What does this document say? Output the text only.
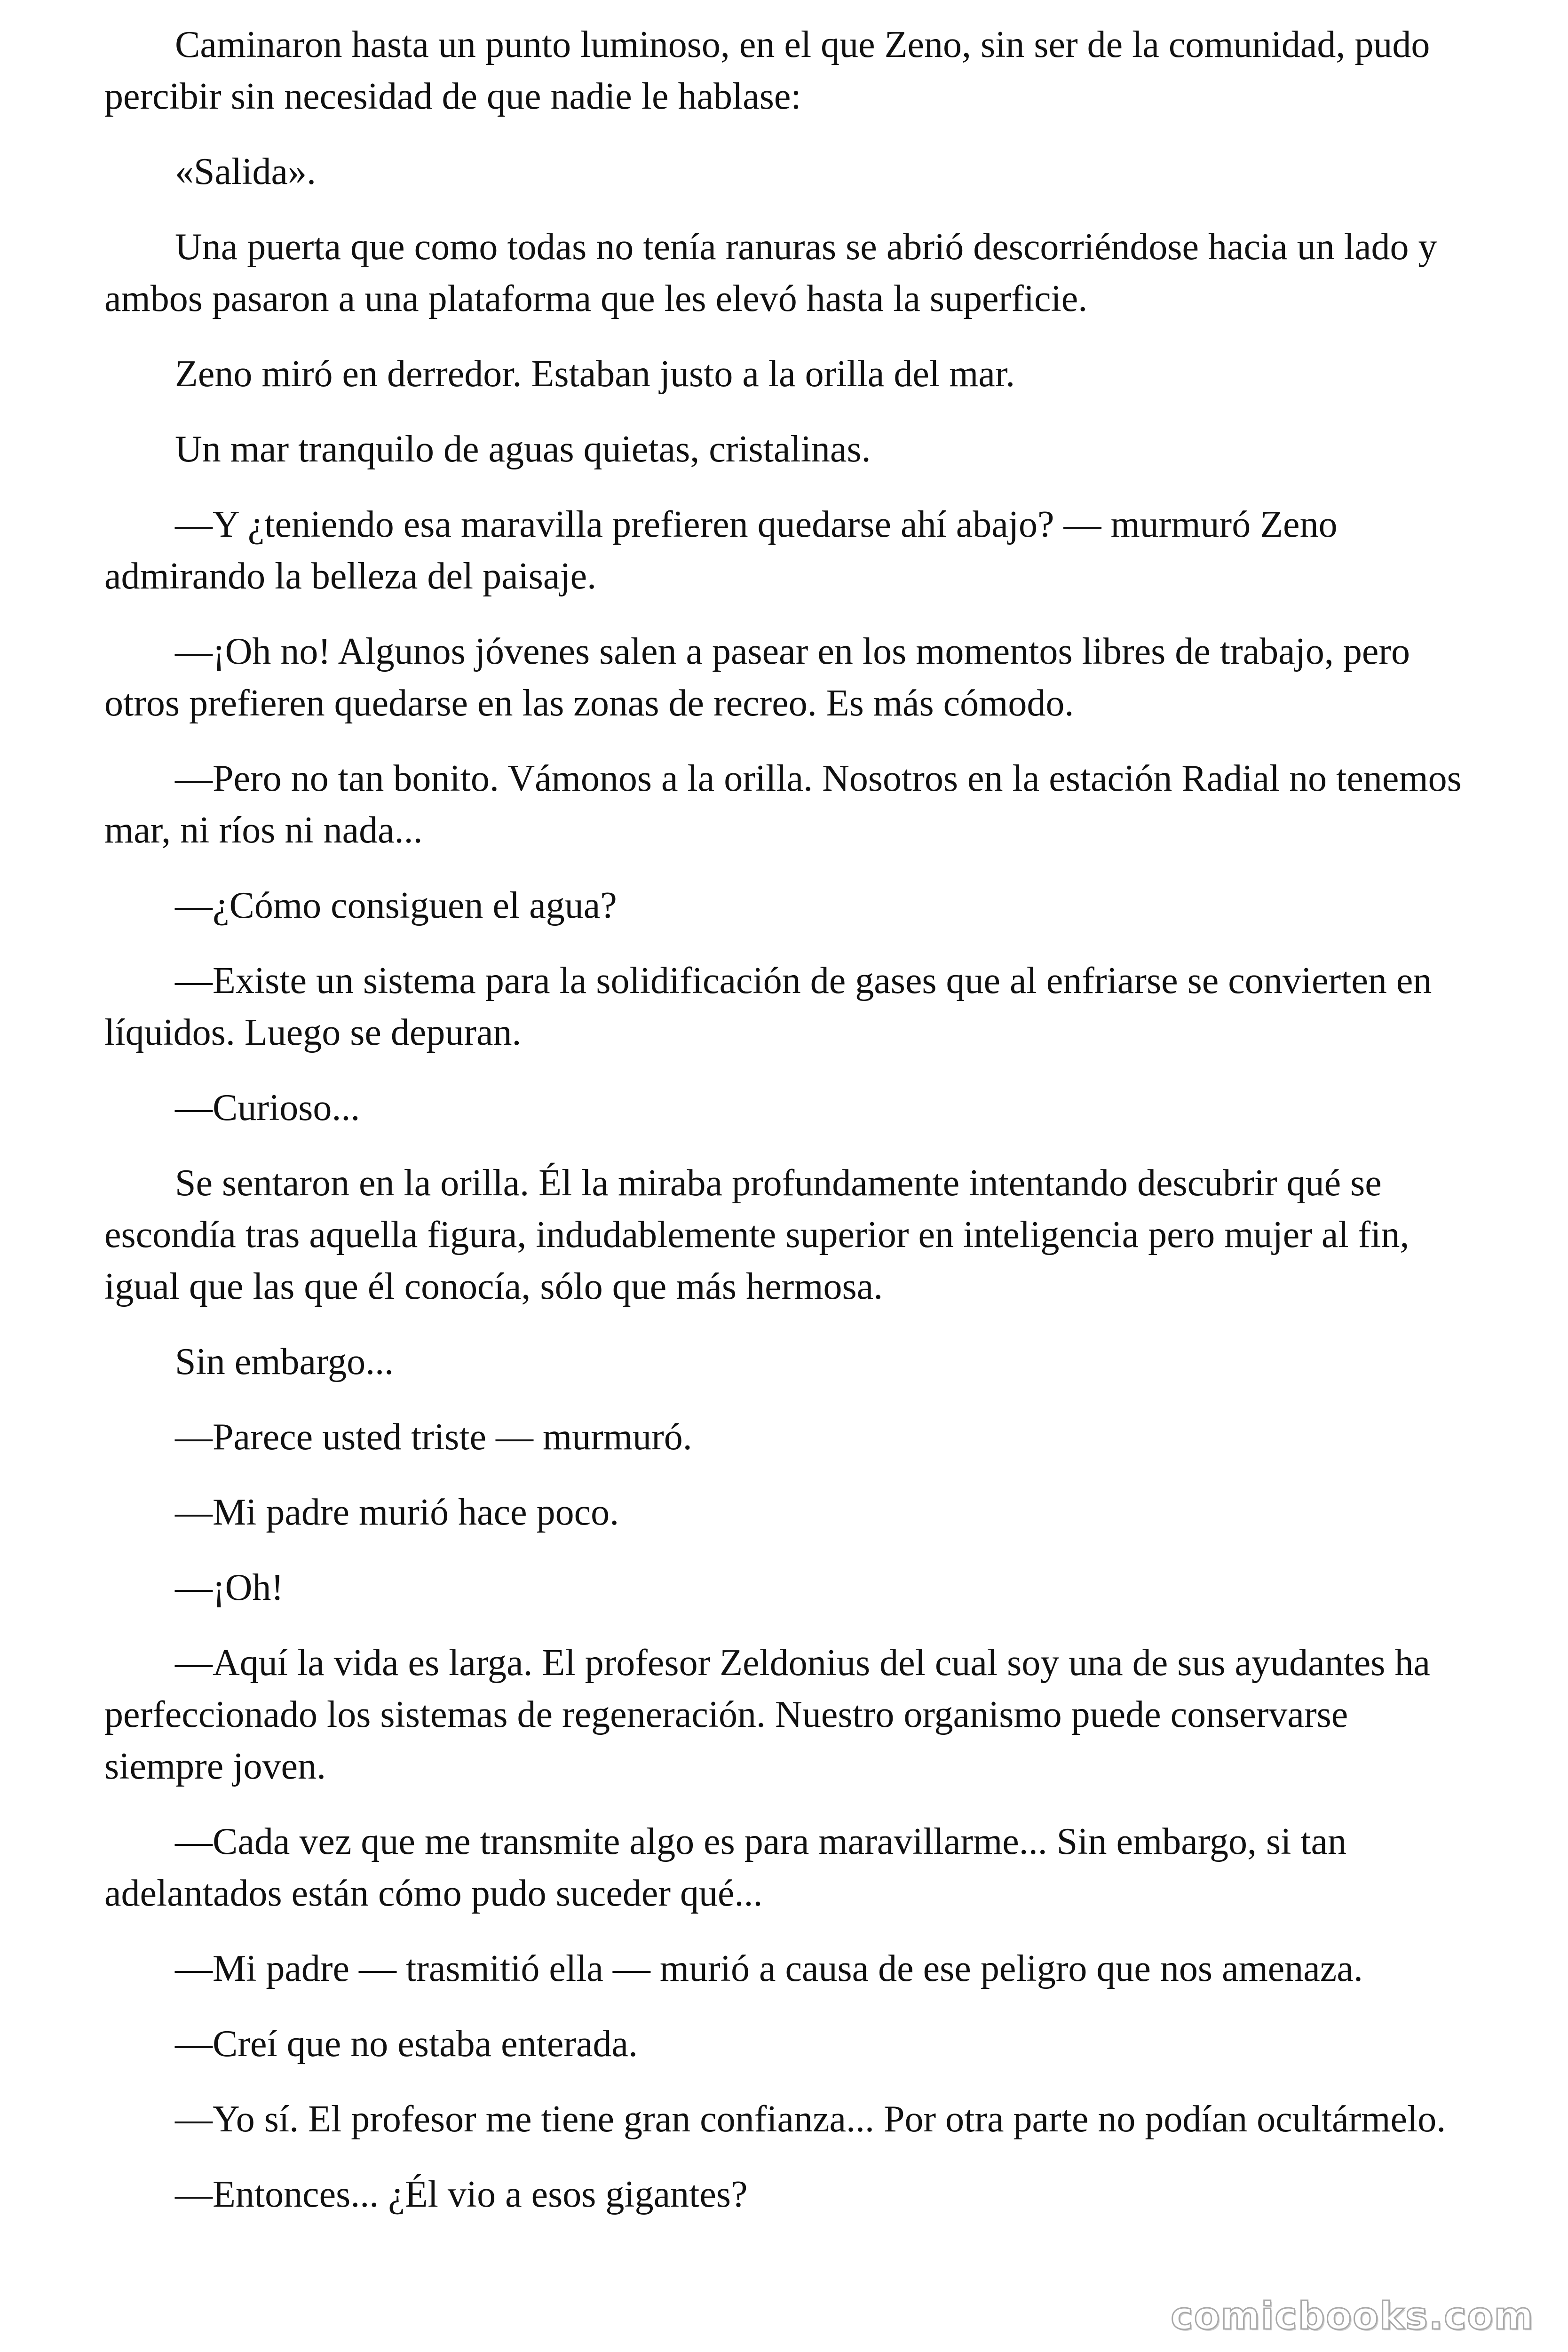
Caminaron hasta un punto luminoso, en el que Zeno, sin ser de la comunidad, pudo percibir sin necesidad de que nadie le hablase:

«Salida».

Una puerta que como todas no tenía ranuras se abrió descorriéndose hacia un lado y ambos pasaron a una plataforma que les elevó hasta la superficie.

Zeno miró en derredor. Estaban justo a la orilla del mar.

Un mar tranquilo de aguas quietas, cristalinas.

—Y ¿teniendo esa maravilla prefieren quedarse ahí abajo? — murmuró Zeno admirando la belleza del paisaje.

—¡Oh no! Algunos jóvenes salen a pasear en los momentos libres de trabajo, pero otros prefieren quedarse en las zonas de recreo. Es más cómodo.

—Pero no tan bonito. Vámonos a la orilla. Nosotros en la estación Radial no tenemos mar, ni ríos ni nada...

—¿Cómo consiguen el agua?

—Existe un sistema para la solidificación de gases que al enfriarse se convierten en líquidos. Luego se depuran.

—Curioso...

Se sentaron en la orilla. Él la miraba profundamente intentando descubrir qué se escondía tras aquella figura, indudablemente superior en inteligencia pero mujer al fin, igual que las que él conocía, sólo que más hermosa.

Sin embargo...

—Parece usted triste — murmuró.

—Mi padre murió hace poco.

—¡Oh!

—Aquí la vida es larga. El profesor Zeldonius del cual soy una de sus ayudantes ha perfeccionado los sistemas de regeneración. Nuestro organismo puede conservarse siempre joven.

—Cada vez que me transmite algo es para maravillarme... Sin embargo, si tan adelantados están cómo pudo suceder qué...

—Mi padre — trasmitió ella — murió a causa de ese peligro que nos amenaza.

—Creí que no estaba enterada.

—Yo sí. El profesor me tiene gran confianza... Por otra parte no podían ocultármelo.

—Entonces... ¿Él vio a esos gigantes?

comicbooks.com
